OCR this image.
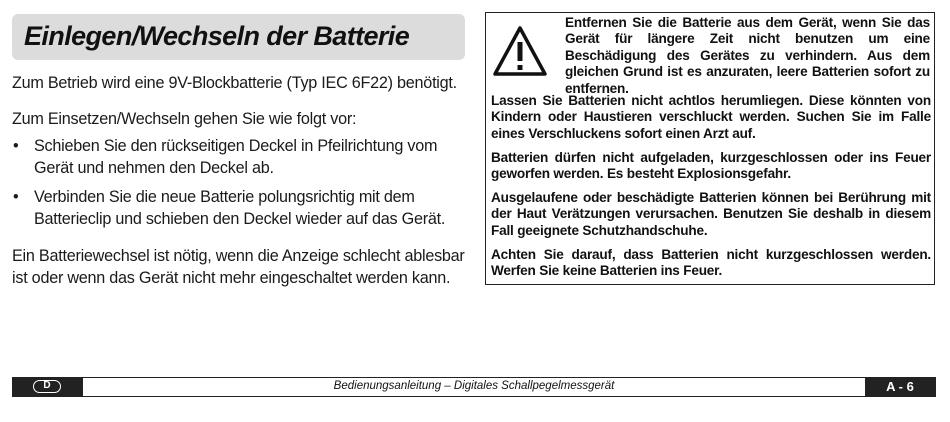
Einlegen/Wechseln der Batterie
Zum Betrieb wird eine 9V-Blockbatterie (Typ IEC 6F22) benötigt.
Zum Einsetzen/Wechseln gehen Sie wie folgt vor:
• Schieben Sie den rückseitigen Deckel in Pfeilrichtung vom Gerät und nehmen den Deckel ab.
• Verbinden Sie die neue Batterie polungsrichtig mit dem Batterieclip und schieben den Deckel wieder auf das Gerät.
Ein Batteriewechsel ist nötig, wenn die Anzeige schlecht ablesbar ist oder wenn das Gerät nicht mehr eingeschaltet werden kann.
Entfernen Sie die Batterie aus dem Gerät, wenn Sie das Gerät für längere Zeit nicht benutzen um eine Beschädigung des Gerätes zu verhindern. Aus dem gleichen Grund ist es anzuraten, leere Batterien sofort zu entfernen.
Lassen Sie Batterien nicht achtlos herumliegen. Diese könnten von Kindern oder Haustieren verschluckt werden. Suchen Sie im Falle eines Verschluckens sofort einen Arzt auf.
Batterien dürfen nicht aufgeladen, kurzgeschlossen oder ins Feuer geworfen werden. Es besteht Explosionsgefahr.
Ausgelaufene oder beschädigte Batterien können bei Berührung mit der Haut Verätzungen verursachen. Benutzen Sie deshalb in diesem Fall geeignete Schutzhandschuhe.
Achten Sie darauf, dass Batterien nicht kurzgeschlossen werden. Werfen Sie keine Batterien ins Feuer.
D	Bedienungsanleitung – Digitales Schallpegelmessgerät	A - 6
